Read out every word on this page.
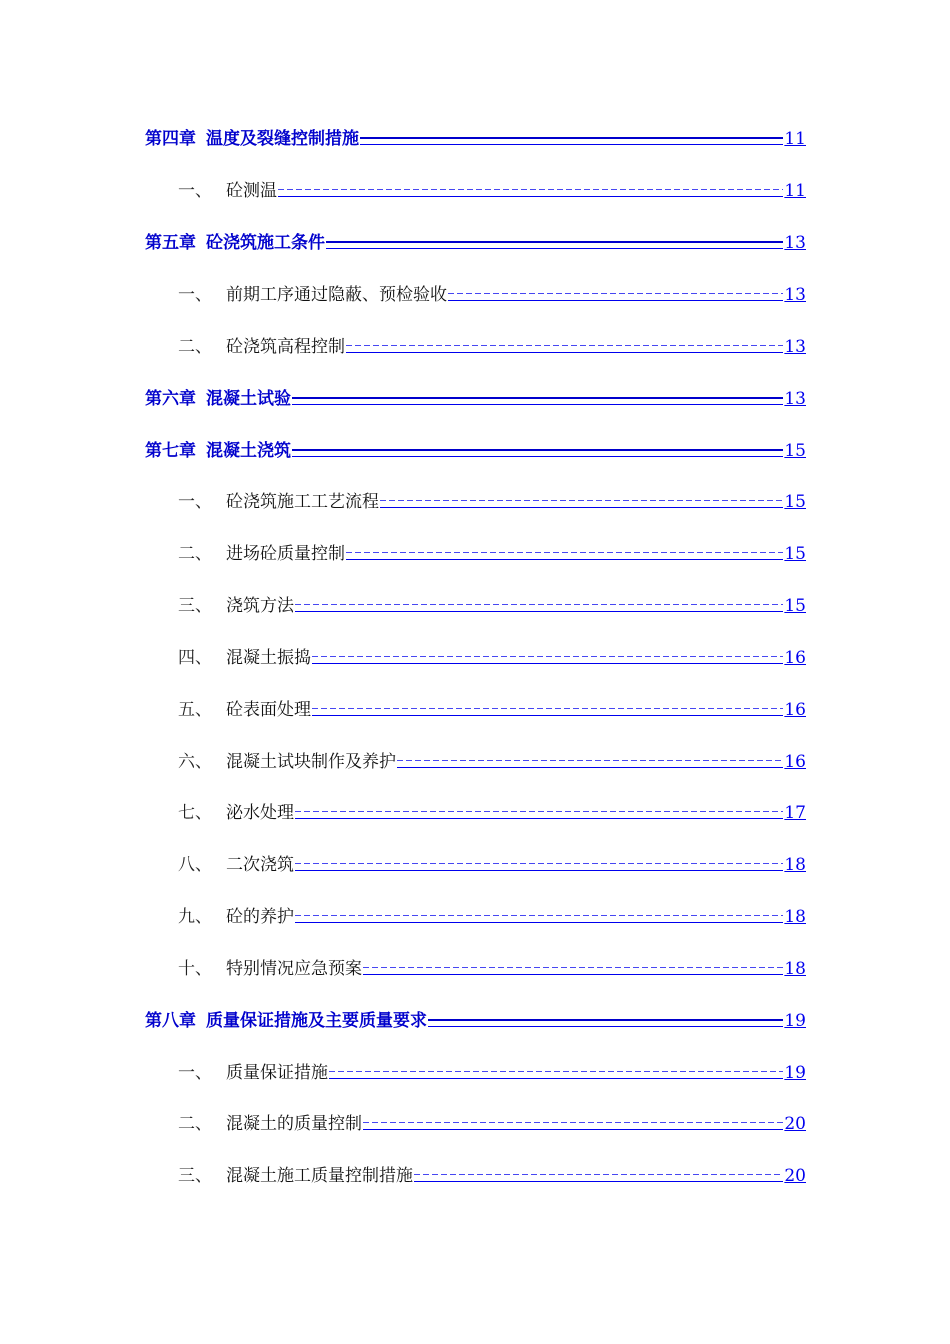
第四章 温度及裂缝控制措施	11
一、 砼测温	11
第五章 砼浇筑施工条件	13
一、 前期工序通过隐蔽、预检验收	13
二、 砼浇筑高程控制	13
第六章 混凝土试验	13
第七章 混凝土浇筑	15
一、 砼浇筑施工工艺流程	15
二、 进场砼质量控制	15
三、 浇筑方法	15
四、 混凝土振捣	16
五、 砼表面处理	16
六、 混凝土试块制作及养护	16
七、 泌水处理	17
八、 二次浇筑	18
九、 砼的养护	18
十、 特别情况应急预案	18
第八章 质量保证措施及主要质量要求	19
一、 质量保证措施	19
二、 混凝土的质量控制	20
三、 混凝土施工质量控制措施	20
